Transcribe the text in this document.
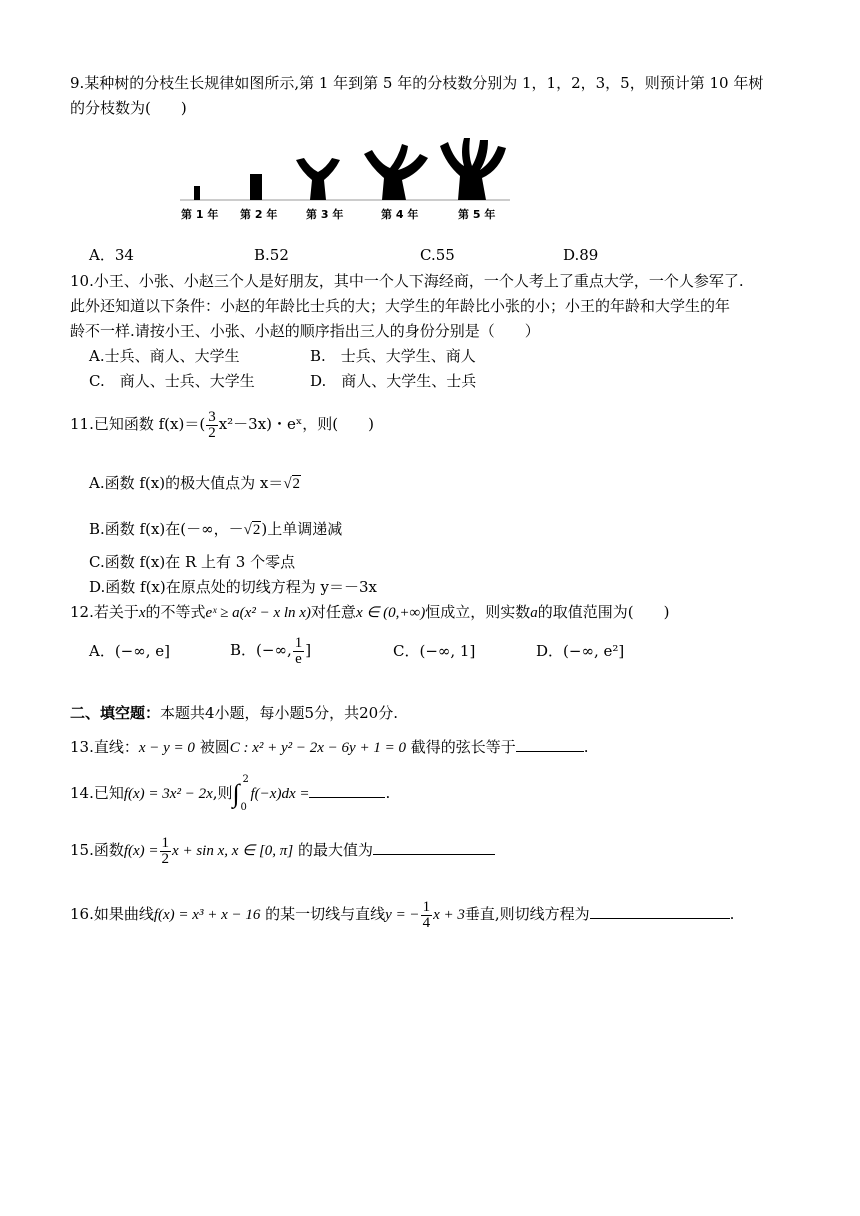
9.某种树的分枝生长规律如图所示,第 1 年到第 5 年的分枝数分别为 1，1，2，3，5，则预计第 10 年树
的分枝数为(　　)
第 1 年 第 2 年	第 3 年	第 4 年	第 5 年
A．34	B.52	C.55	D.89
10.小王、小张、小赵三个人是好朋友，其中一个人下海经商，一个人考上了重点大学，一个人参军了.
此外还知道以下条件：小赵的年龄比士兵的大；大学生的年龄比小张的小；小王的年龄和大学生的年
龄不一样.请按小王、小张、小赵的顺序指出三人的身份分别是（　　）
A.士兵、商人、大学生	B.　士兵、大学生、商人
C.　商人、士兵、大学生	D.　商人、大学生、士兵
11.已知函数 $f(x)=( \frac{3}{2} x^2-3x)$・eˣ，则(　　)
A.函数 f(x)的极大值点为 x＝√2
B.函数 f(x)在(－∞，－√2)上单调递减
C.函数 f(x)在 R 上有 3 个零点
D.函数 f(x)在原点处的切线方程为 y＝－3x
12.若关于x的不等式eˣ ≥ a(x² − x ln x)对任意x ∈ (0,+∞)恒成立，则实数a的取值范围为(　　)
A．(−∞, e]	B．(−∞, $\frac{1}{e}$ ]	C．(−∞, 1]	D．(−∞, e²]
二、填空题：本题共4小题，每小题5分，共20分.
13.直线：x − y = 0 被圆C : x² + y² − 2x − 6y + 1 = 0 截得的弦长等于	.
14.已知f(x) = 3x² − 2x,则 ∫ 2
0
f(−x)dx =	.
15.函数$f(x) = \frac{1}{2}$ x + sin x, x ∈ [0, π] 的最大值为
16.如果曲线f(x) = x³ + x − 16 的某一切线与直线y = − $\frac{1}{4}$ x + 3垂直,则切线方程为	.
